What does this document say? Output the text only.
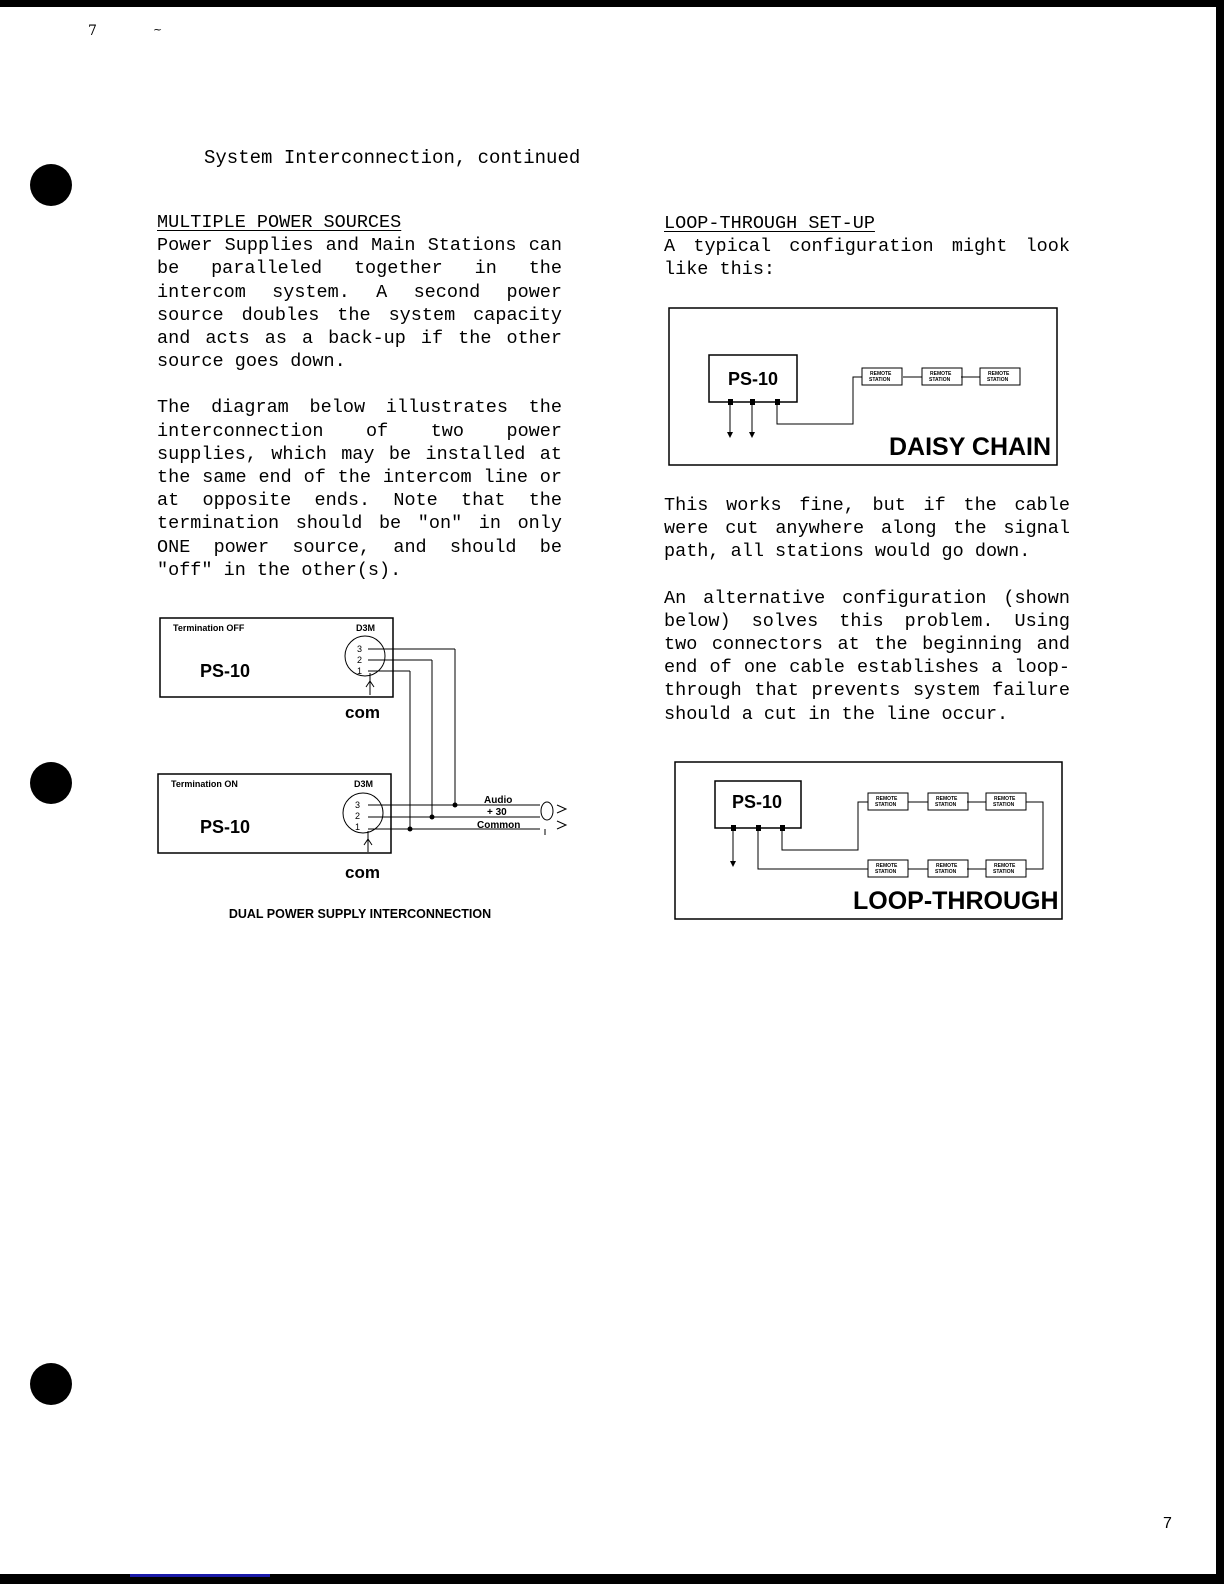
7	~
System Interconnection, continued
MULTIPLE POWER SOURCES

Power Supplies and Main Stations can be paralleled together in the intercom system. A second power source doubles the system capacity and acts as a back-up if the other source goes down.

The diagram below illustrates the interconnection of two power supplies, which may be installed at the same end of the intercom line or at opposite ends. Note that the termination should be "on" in only ONE power source, and should be "off" in the other(s).

Termination OFF	D3M
PS-10
3
2
1
com
Termination ON	D3M
PS-10
3
2
1
com
Audio
+ 30
Common
PS-10	REMOTE
STATION
REMOTE
STATION
REMOTE
STATION
DAISY CHAIN
PS-10	REMOTE
STATION
REMOTE
STATION
REMOTE
STATION
REMOTE
STATION
REMOTE
STATION
REMOTE
STATION
LOOP-THROUGH
DUAL POWER SUPPLY INTERCONNECTION
LOOP-THROUGH SET-UP

A typical configuration might look like this:

This works fine, but if the cable were cut anywhere along the signal path, all stations would go down.

An alternative configuration (shown below) solves this problem. Using two connectors at the beginning and end of one cable establishes a loop-through that prevents system failure should a cut in the line occur.

7
